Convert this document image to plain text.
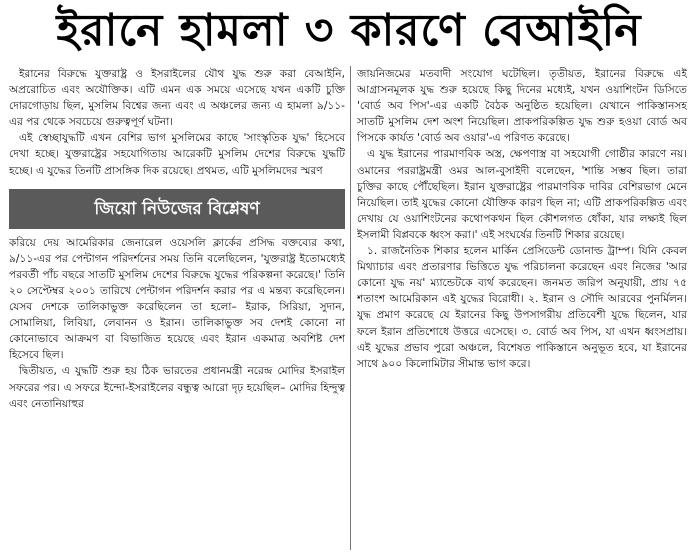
ইরানে হামলা ৩ কারণে বেআইনি

ইরানের বিরুদ্ধে যুক্তরাষ্ট্র ও ইসরাইলের যৌথ যুদ্ধ শুরু করা বেআইনি, অপ্ররোচিত এবং অযৌক্তিক। এটি এমন এক সময়ে এসেছে যখন একটি চুক্তি দোরগোড়ায় ছিল, মুসলিম বিশ্বের জন্য এবং এ অঞ্চলের জন্য এ হামলা ৯/১১-এর পর থেকে সবচেয়ে গুরুত্বপূর্ণ ঘটনা।

এই স্বেচ্ছাযুদ্ধটি এখন বেশির ভাগ মুসলিমের কাছে 'সাংস্কৃতিক যুদ্ধ' হিসেবে দেখা হচ্ছে। যুক্তরাষ্ট্রের সহযোগিতায় আরেকটি মুসলিম দেশের বিরুদ্ধে যুদ্ধটি হচ্ছে। এ যুদ্ধের তিনটি প্রাসঙ্গিক দিক রয়েছে। প্রথমত, এটি মুসলিমদের স্মরণ

জিয়ো নিউজের বিশ্লেষণ

করিয়ে দেয় আমেরিকার জেনারেল ওয়েসলি ক্লার্কের প্রসিদ্ধ বক্তব্যের কথা, ৯/১১-এর পর পেন্টাগন পরিদর্শনের সময় তিনি বলেছিলেন, 'যুক্তরাষ্ট্র ইতোমধ্যেই পরবর্তী পাঁচ বছরে সাতটি মুসলিম দেশের বিরুদ্ধে যুদ্ধের পরিকল্পনা করেছে।' তিনি ২০ সেপ্টেম্বর ২০০১ তারিখে পেন্টাগন পরিদর্শন করার পর এ মন্তব্য করেছিলেন। যেসব দেশকে তালিকাভুক্ত করেছিলেন তা হলো– ইরাক, সিরিয়া, সুদান, সোমালিয়া, লিবিয়া, লেবানন ও ইরান। তালিকাভুক্ত সব দেশই কোনো না কোনোভাবে আক্রমণ বা বিভাজিত হয়েছে এবং ইরান একমাত্র অবশিষ্ট দেশ হিসেবে ছিল।

দ্বিতীয়ত, এ যুদ্ধটি শুরু হয় ঠিক ভারতের প্রধানমন্ত্রী নরেন্দ্র মোদির ইসরাইল সফরের পর। এ সফরে ইন্দো-ইসরাইলের বন্ধুত্ব আরো দৃঢ় হয়েছিল– মোদির হিন্দুত্ব এবং নেতানিয়াহুর

জায়নিজমের মতবাদী সংযোগ ঘটেছিল। তৃতীয়ত, ইরানের বিরুদ্ধে এই আগ্রাসনমূলক যুদ্ধ শুরু হয়েছে কিছু দিনের মধ্যেই, যখন ওয়াশিংটন ডিসিতে 'বোর্ড অব পিস'-এর একটি বৈঠক অনুষ্ঠিত হয়েছিল। যেখানে পাকিস্তানসহ সাতটি মুসলিম দেশ অংশ নিয়েছিল। প্রাকপরিকল্পিত যুদ্ধ শুরু হওয়া বোর্ড অব পিসকে কার্যত 'বোর্ড অব ওয়ার'-এ পরিণত করেছে।

এ যুদ্ধ ইরানের পারমাণবিক অস্ত্র, ক্ষেপণাস্ত্র বা সহযোগী গোষ্ঠীর কারণে নয়। ওমানের পররাষ্ট্রমন্ত্রী ওমর আল-বুসাইদী বলেছেন, 'শান্তি সম্ভব ছিল। তারা চুক্তির কাছে পৌঁছেছিল। ইরান যুক্তরাষ্ট্রের পারমাণবিক দাবির বেশিরভাগ মেনে নিয়েছিল। তাই যুদ্ধের কোনো যৌক্তিক কারণ ছিল না; এটি প্রাকপরিকল্পিত এবং দেখায় যে ওয়াশিংটনের কথোপকথন ছিল কৌশলগত ধোঁকা, যার লক্ষ্যই ছিল ইসলামী বিপ্লবকে ধ্বংস করা।' এই সংঘর্ষের তিনটি শিকার রয়েছে।

১. রাজনৈতিক শিকার হলেন মার্কিন প্রেসিডেন্ট ডোনাল্ড ট্রাম্প। যিনি কেবল মিথ্যাচার এবং প্রতারণার ভিত্তিতে যুদ্ধ পরিচালনা করেছেন এবং নিজের 'আর কোনো যুদ্ধ নয়' ম্যান্ডেটকে ব্যর্থ করেছেন। জনমত জরিপ অনুযায়ী, প্রায় ৭৫ শতাংশ আমেরিকান এই যুদ্ধের বিরোধী। ২. ইরান ও সৌদি আরবের পুনর্মিলন। যুদ্ধ প্রমাণ করেছে যে ইরানের কিছু উপসাগরীয় প্রতিবেশী যুদ্ধে ছিলেন, যার ফলে ইরান প্রতিশোধে উত্তরে এসেছে। ৩. বোর্ড অব পিস, যা এখন ধ্বংসপ্রায়। এই যুদ্ধের প্রভাব পুরো অঞ্চলে, বিশেষত পাকিস্তানে অনুভূত হবে, যা ইরানের সাথে ৯০০ কিলোমিটার সীমান্ত ভাগ করে।
